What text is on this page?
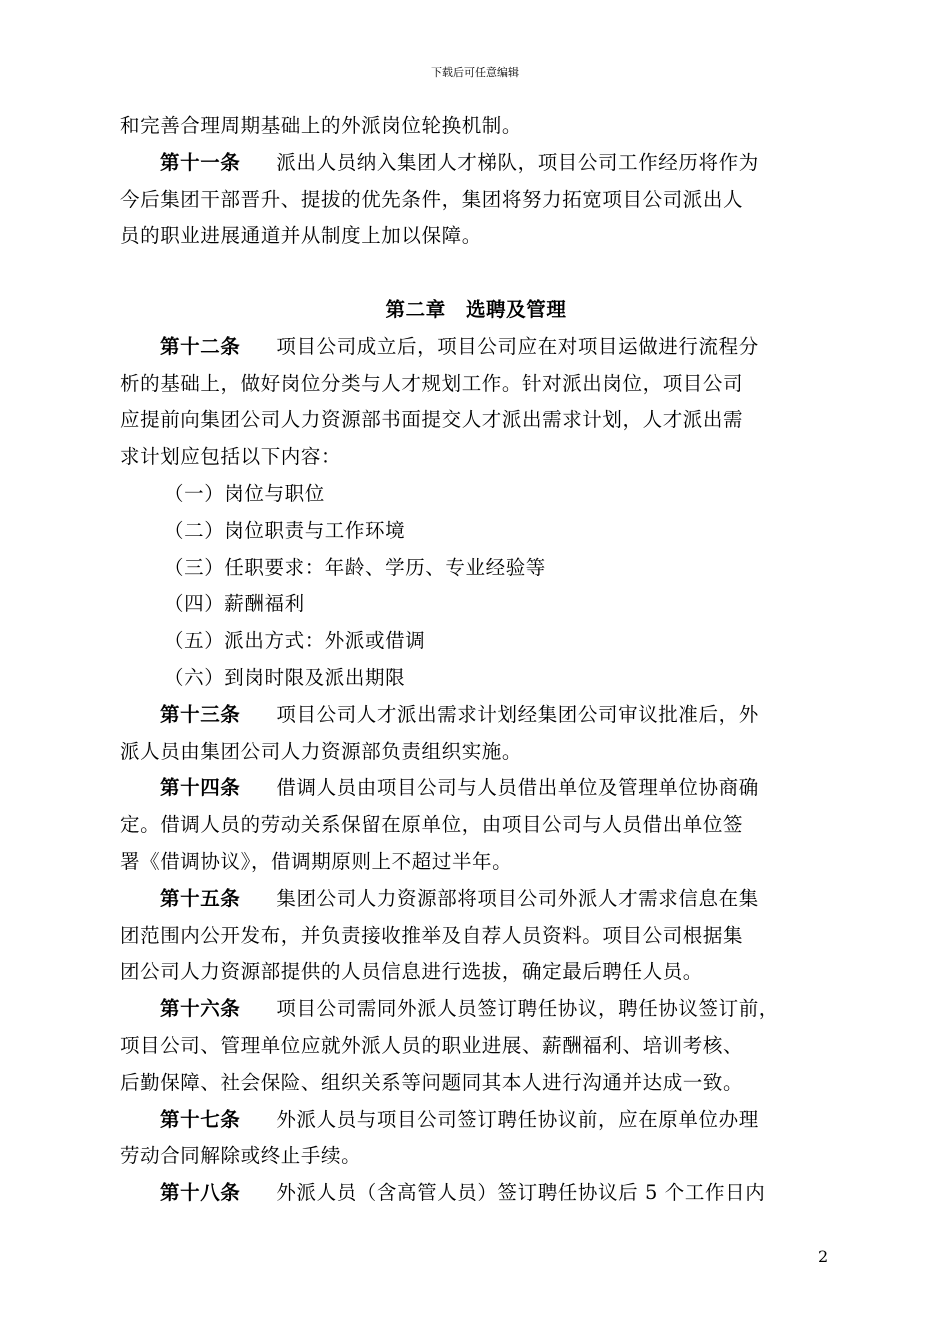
下载后可任意编辑
和完善合理周期基础上的外派岗位轮换机制。
第十一条 派出人员纳入集团人才梯队，项目公司工作经历将作为
今后集团干部晋升、提拔的优先条件，集团将努力拓宽项目公司派出人
员的职业进展通道并从制度上加以保障。
第二章　选聘及管理
第十二条 项目公司成立后，项目公司应在对项目运做进行流程分
析的基础上，做好岗位分类与人才规划工作。针对派出岗位，项目公司
应提前向集团公司人力资源部书面提交人才派出需求计划，人才派出需
求计划应包括以下内容：
（一）岗位与职位
（二）岗位职责与工作环境
（三）任职要求：年龄、学历、专业经验等
（四）薪酬福利
（五）派出方式：外派或借调
（六）到岗时限及派出期限
第十三条 项目公司人才派出需求计划经集团公司审议批准后，外
派人员由集团公司人力资源部负责组织实施。
第十四条 借调人员由项目公司与人员借出单位及管理单位协商确
定。借调人员的劳动关系保留在原单位，由项目公司与人员借出单位签
署《借调协议》，借调期原则上不超过半年。
第十五条 集团公司人力资源部将项目公司外派人才需求信息在集
团范围内公开发布，并负责接收推举及自荐人员资料。项目公司根据集
团公司人力资源部提供的人员信息进行选拔，确定最后聘任人员。
第十六条 项目公司需同外派人员签订聘任协议，聘任协议签订前，
项目公司、管理单位应就外派人员的职业进展、薪酬福利、培训考核、
后勤保障、社会保险、组织关系等问题同其本人进行沟通并达成一致。
第十七条 外派人员与项目公司签订聘任协议前，应在原单位办理
劳动合同解除或终止手续。
第十八条 外派人员（含高管人员）签订聘任协议后 5 个工作日内
2
